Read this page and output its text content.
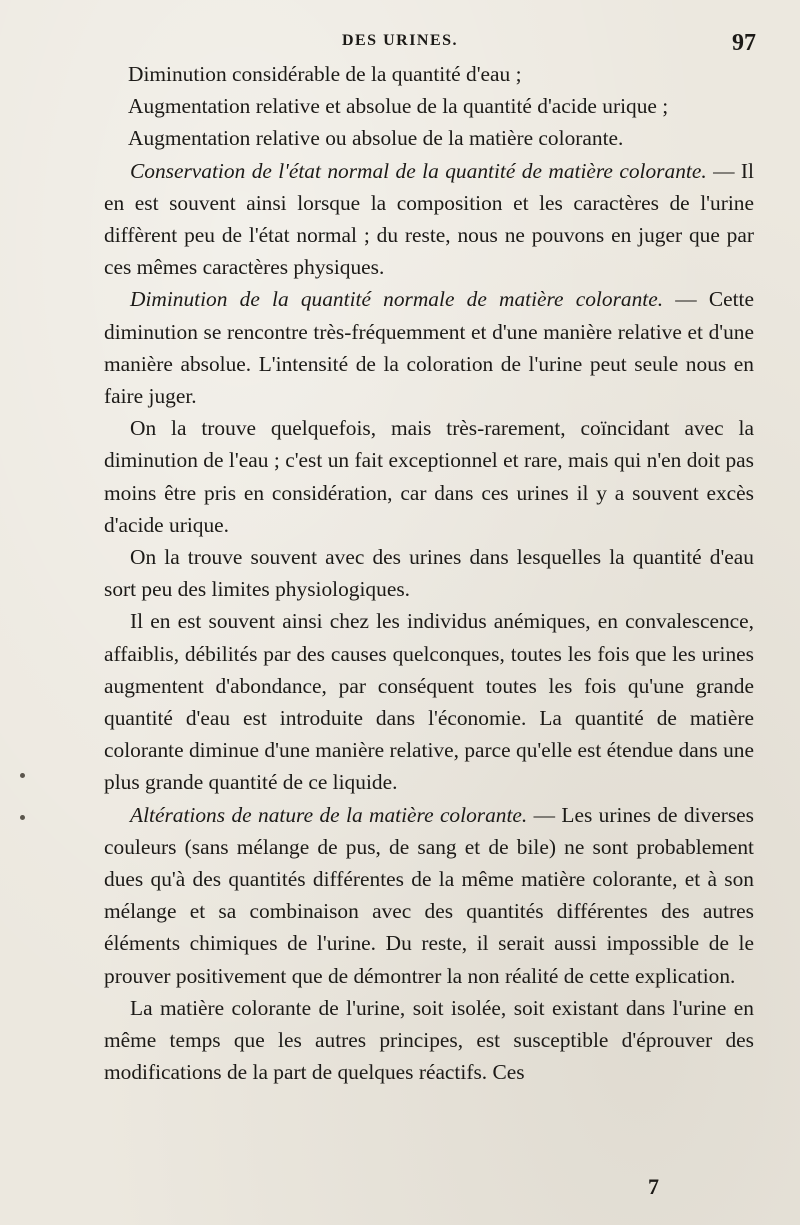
DES URINES.	97

Diminution considérable de la quantité d'eau ;

Augmentation relative et absolue de la quantité d'acide urique ;

Augmentation relative ou absolue de la matière colorante.

Conservation de l'état normal de la quantité de matière colorante. — Il en est souvent ainsi lorsque la composition et les caractères de l'urine diffèrent peu de l'état normal ; du reste, nous ne pouvons en juger que par ces mêmes caractères physiques.

Diminution de la quantité normale de matière colorante. — Cette diminution se rencontre très-fréquemment et d'une manière relative et d'une manière absolue. L'intensité de la coloration de l'urine peut seule nous en faire juger.

On la trouve quelquefois, mais très-rarement, coïncidant avec la diminution de l'eau ; c'est un fait exceptionnel et rare, mais qui n'en doit pas moins être pris en considération, car dans ces urines il y a souvent excès d'acide urique.

On la trouve souvent avec des urines dans lesquelles la quantité d'eau sort peu des limites physiologiques.

Il en est souvent ainsi chez les individus anémiques, en convalescence, affaiblis, débilités par des causes quelconques, toutes les fois que les urines augmentent d'abondance, par conséquent toutes les fois qu'une grande quantité d'eau est introduite dans l'économie. La quantité de matière colorante diminue d'une manière relative, parce qu'elle est étendue dans une plus grande quantité de ce liquide.

Altérations de nature de la matière colorante. — Les urines de diverses couleurs (sans mélange de pus, de sang et de bile) ne sont probablement dues qu'à des quantités différentes de la même matière colorante, et à son mélange et sa combinaison avec des quantités différentes des autres éléments chimiques de l'urine. Du reste, il serait aussi impossible de le prouver positivement que de démontrer la non réalité de cette explication.

La matière colorante de l'urine, soit isolée, soit existant dans l'urine en même temps que les autres principes, est susceptible d'éprouver des modifications de la part de quelques réactifs. Ces

7
